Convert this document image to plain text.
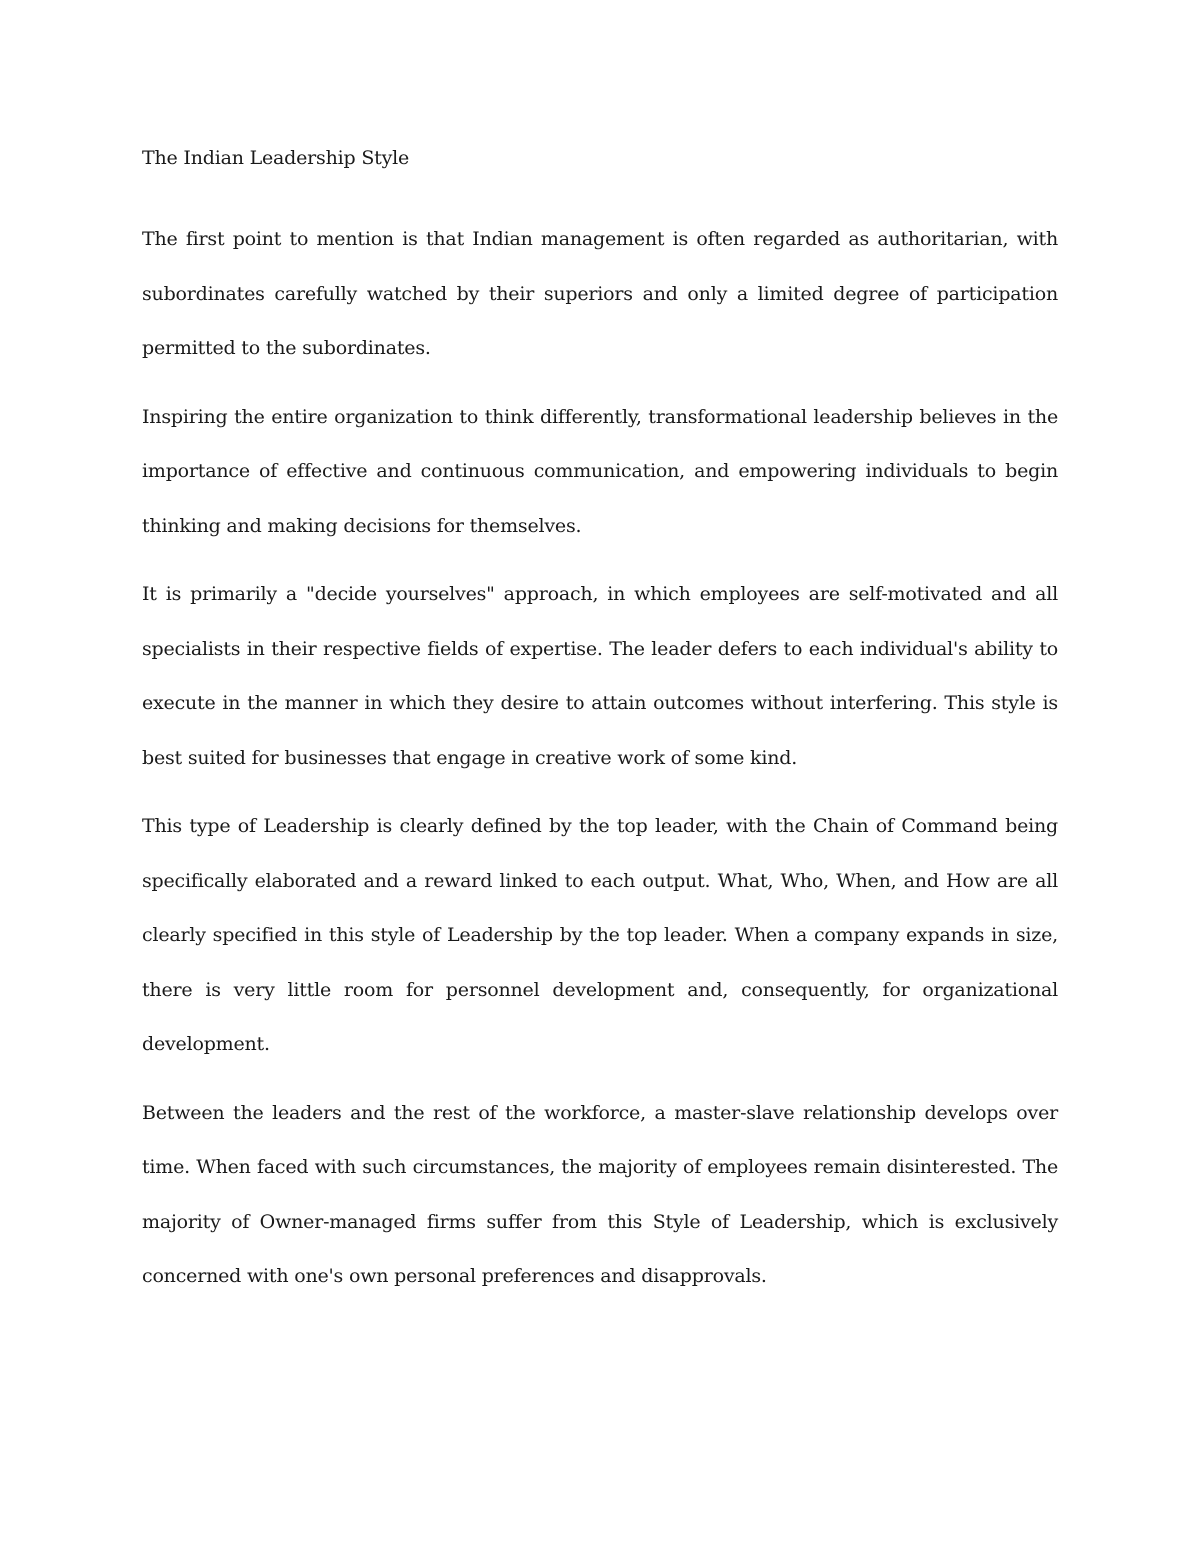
The Indian Leadership Style

The first point to mention is that Indian management is often regarded as authoritarian, with subordinates carefully watched by their superiors and only a limited degree of participation permitted to the subordinates.

Inspiring the entire organization to think differently, transformational leadership believes in the importance of effective and continuous communication, and empowering individuals to begin thinking and making decisions for themselves.

It is primarily a "decide yourselves" approach, in which employees are self-motivated and all specialists in their respective fields of expertise. The leader defers to each individual's ability to execute in the manner in which they desire to attain outcomes without interfering. This style is best suited for businesses that engage in creative work of some kind.

This type of Leadership is clearly defined by the top leader, with the Chain of Command being specifically elaborated and a reward linked to each output. What, Who, When, and How are all clearly specified in this style of Leadership by the top leader. When a company expands in size, there is very little room for personnel development and, consequently, for organizational development.

Between the leaders and the rest of the workforce, a master-slave relationship develops over time. When faced with such circumstances, the majority of employees remain disinterested. The majority of Owner-managed firms suffer from this Style of Leadership, which is exclusively concerned with one's own personal preferences and disapprovals.
